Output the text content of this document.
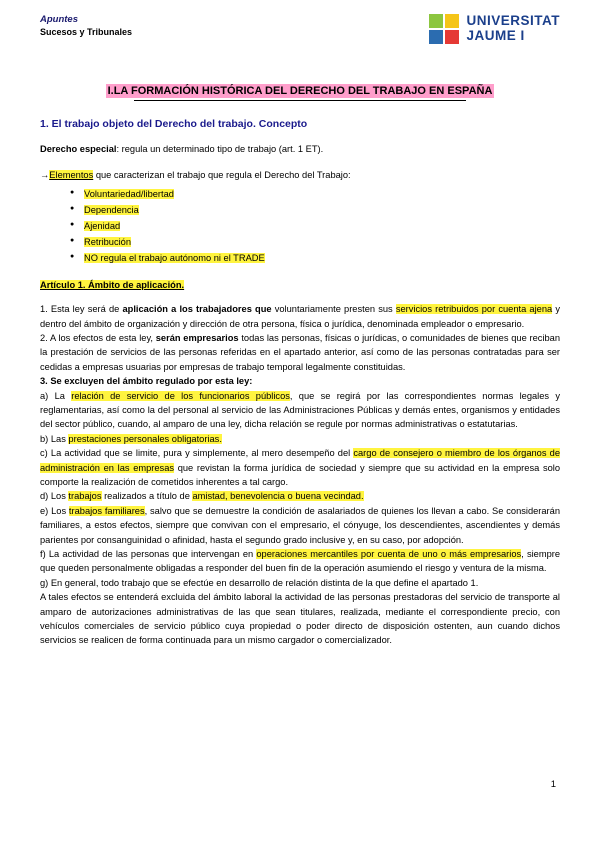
Apuntes
Sucesos y Tribunales
UNIVERSITAT
JAUME I
I.LA FORMACIÓN HISTÓRICA DEL DERECHO DEL TRABAJO EN ESPAÑA
1. El trabajo objeto del Derecho del trabajo. Concepto

Derecho especial: regula un determinado tipo de trabajo (art. 1 ET).

→Elementos que caracterizan el trabajo que regula el Derecho del Trabajo:

● Voluntariedad/libertad
● Dependencia
● Ajenidad
● Retribución
● NO regula el trabajo autónomo ni el TRADE
Artículo 1. Ámbito de aplicación.

1. Esta ley será de aplicación a los trabajadores que voluntariamente presten sus servicios retribuidos por cuenta ajena y dentro del ámbito de organización y dirección de otra persona, física o jurídica, denominada empleador o empresario.

2. A los efectos de esta ley, serán empresarios todas las personas, físicas o jurídicas, o comunidades de bienes que reciban la prestación de servicios de las personas referidas en el apartado anterior, así como de las personas contratadas para ser cedidas a empresas usuarias por empresas de trabajo temporal legalmente constituidas.

3. Se excluyen del ámbito regulado por esta ley:

a) La relación de servicio de los funcionarios públicos, que se regirá por las correspondientes normas legales y reglamentarias, así como la del personal al servicio de las Administraciones Públicas y demás entes, organismos y entidades del sector público, cuando, al amparo de una ley, dicha relación se regule por normas administrativas o estatutarias.

b) Las prestaciones personales obligatorias.

c) La actividad que se limite, pura y simplemente, al mero desempeño del cargo de consejero o miembro de los órganos de administración en las empresas que revistan la forma jurídica de sociedad y siempre que su actividad en la empresa solo comporte la realización de cometidos inherentes a tal cargo.

d) Los trabajos realizados a título de amistad, benevolencia o buena vecindad.

e) Los trabajos familiares, salvo que se demuestre la condición de asalariados de quienes los llevan a cabo. Se considerarán familiares, a estos efectos, siempre que convivan con el empresario, el cónyuge, los descendientes, ascendientes y demás parientes por consanguinidad o afinidad, hasta el segundo grado inclusive y, en su caso, por adopción.

f) La actividad de las personas que intervengan en operaciones mercantiles por cuenta de uno o más empresarios, siempre que queden personalmente obligadas a responder del buen fin de la operación asumiendo el riesgo y ventura de la misma.

g) En general, todo trabajo que se efectúe en desarrollo de relación distinta de la que define el apartado 1.

A tales efectos se entenderá excluida del ámbito laboral la actividad de las personas prestadoras del servicio de transporte al amparo de autorizaciones administrativas de las que sean titulares, realizada, mediante el correspondiente precio, con vehículos comerciales de servicio público cuya propiedad o poder directo de disposición ostenten, aun cuando dichos servicios se realicen de forma continuada para un mismo cargador o comercializador.

1
